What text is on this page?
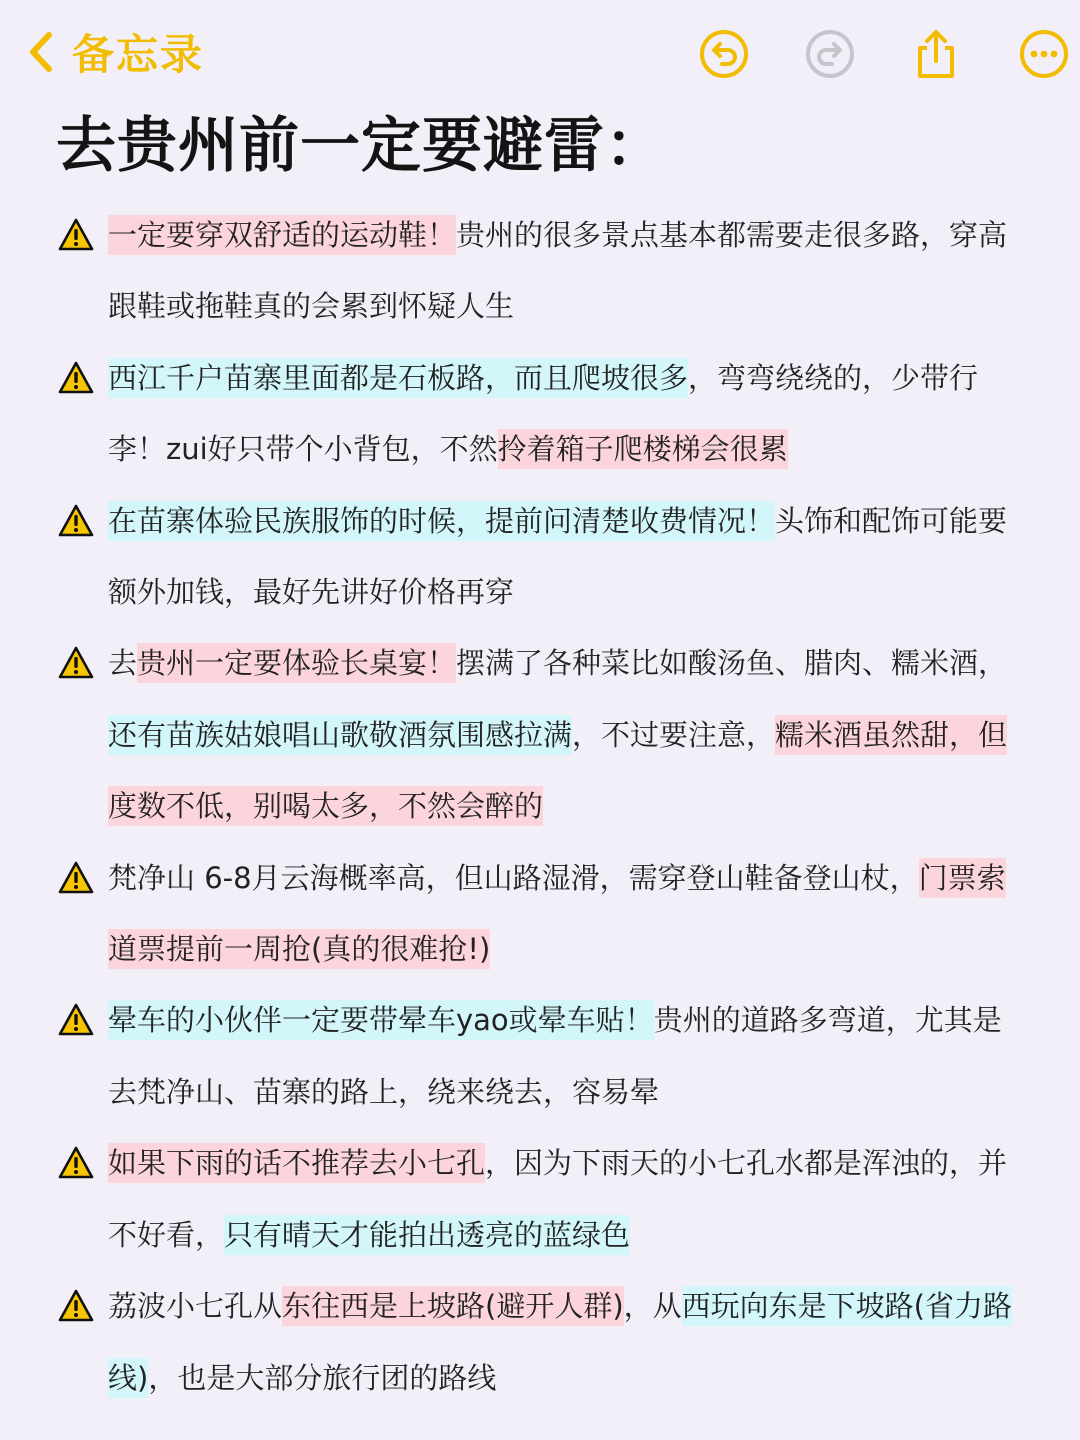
备忘录
去贵州前一定要避雷：
一定要穿双舒适的运动鞋！贵州的很多景点基本都需要走很多路，穿高跟鞋或拖鞋真的会累到怀疑人生
西江千户苗寨里面都是石板路，而且爬坡很多，弯弯绕绕的，少带行李！zui好只带个小背包，不然拎着箱子爬楼梯会很累
在苗寨体验民族服饰的时候，提前问清楚收费情况！头饰和配饰可能要额外加钱，最好先讲好价格再穿
去贵州一定要体验长桌宴！摆满了各种菜比如酸汤鱼、腊肉、糯米酒，还有苗族姑娘唱山歌敬酒氛围感拉满，不过要注意，糯米酒虽然甜，但度数不低，别喝太多，不然会醉的
梵净山 6-8月云海概率高，但山路湿滑，需穿登山鞋备登山杖，门票索道票提前一周抢(真的很难抢!)
晕车的小伙伴一定要带晕车yao或晕车贴！贵州的道路多弯道，尤其是去梵净山、苗寨的路上，绕来绕去，容易晕
如果下雨的话不推荐去小七孔，因为下雨天的小七孔水都是浑浊的，并不好看，只有晴天才能拍出透亮的蓝绿色
荔波小七孔从东往西是上坡路(避开人群)，从西玩向东是下坡路(省力路线)，也是大部分旅行团的路线
